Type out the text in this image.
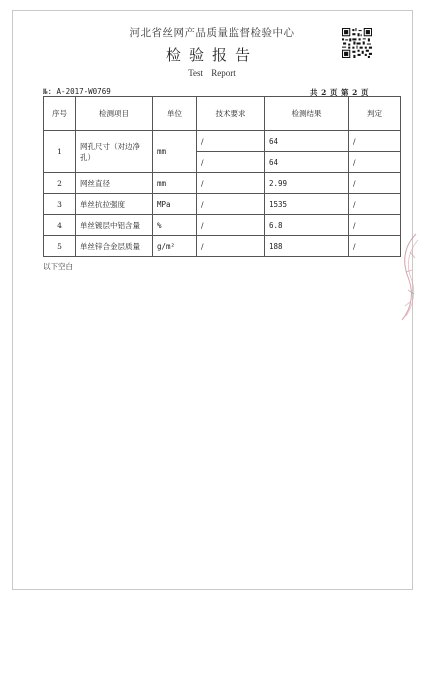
河北省丝网产品质量监督检验中心
检验报告
Test Report
№: A-2017-W0769	共 2 页 第 2 页
序号	检测项目	单位	技术要求	检测结果	判定
1	网孔尺寸（对边净孔）	mm	/	64	/
			/	64	/
2	网丝直径	mm	/	2.99	/
3	单丝抗拉强度	MPa	/	1535	/
4	单丝镀层中铝含量	%	/	6.8	/
5	单丝锌合金层质量	g/m²	/	188	/
以下空白
